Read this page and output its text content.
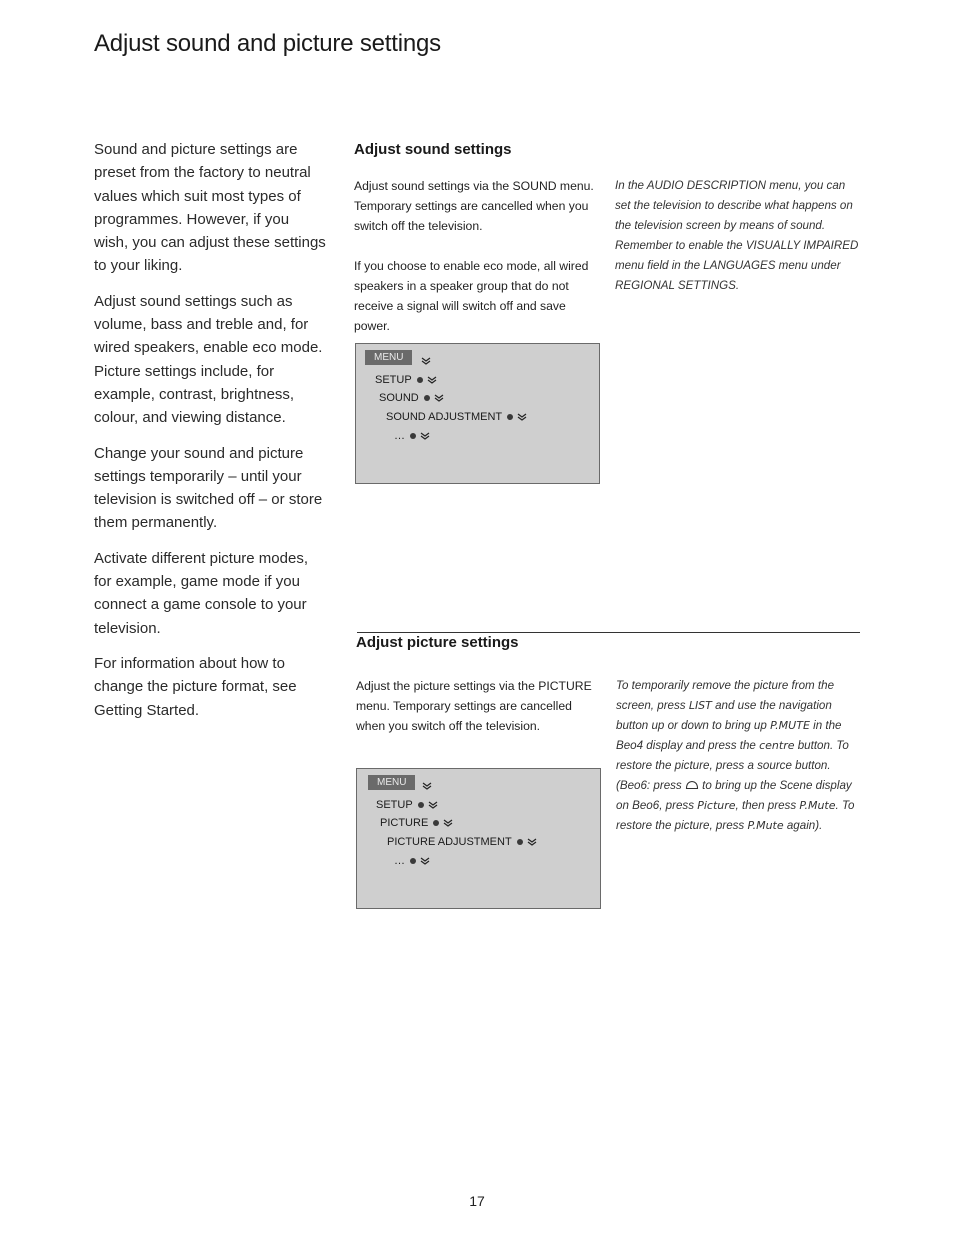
Adjust sound and picture settings

Sound and picture settings are preset from the factory to neutral values which suit most types of programmes. However, if you wish, you can adjust these settings to your liking.

Adjust sound settings such as volume, bass and treble and, for wired speakers, enable eco mode. Picture settings include, for example, contrast, brightness, colour, and viewing distance.

Change your sound and picture settings temporarily – until your television is switched off – or store them permanently.

Activate different picture modes, for example, game mode if you connect a game console to your television.

For information about how to change the picture format, see Getting Started.

Adjust sound settings

Adjust sound settings via the SOUND menu. Temporary settings are cancelled when you switch off the television.

If you choose to enable eco mode, all wired speakers in a speaker group that do not receive a signal will switch off and save power.

In the AUDIO DESCRIPTION menu, you can set the television to describe what happens on the television screen by means of sound. Remember to enable the VISUALLY IMPAIRED menu field in the LANGUAGES menu under REGIONAL SETTINGS.

MENU
SETUP
SOUND
SOUND ADJUSTMENT
…
Adjust picture settings

Adjust the picture settings via the PICTURE menu. Temporary settings are cancelled when you switch off the television.

To temporarily remove the picture from the screen, press LIST and use the navigation button up or down to bring up P.MUTE in the Beo4 display and press the centre button. To restore the picture, press a source button. (Beo6: press  to bring up the Scene display on Beo6, press Picture, then press P.Mute. To restore the picture, press P.Mute again).

MENU
SETUP
PICTURE
PICTURE ADJUSTMENT
…
17
